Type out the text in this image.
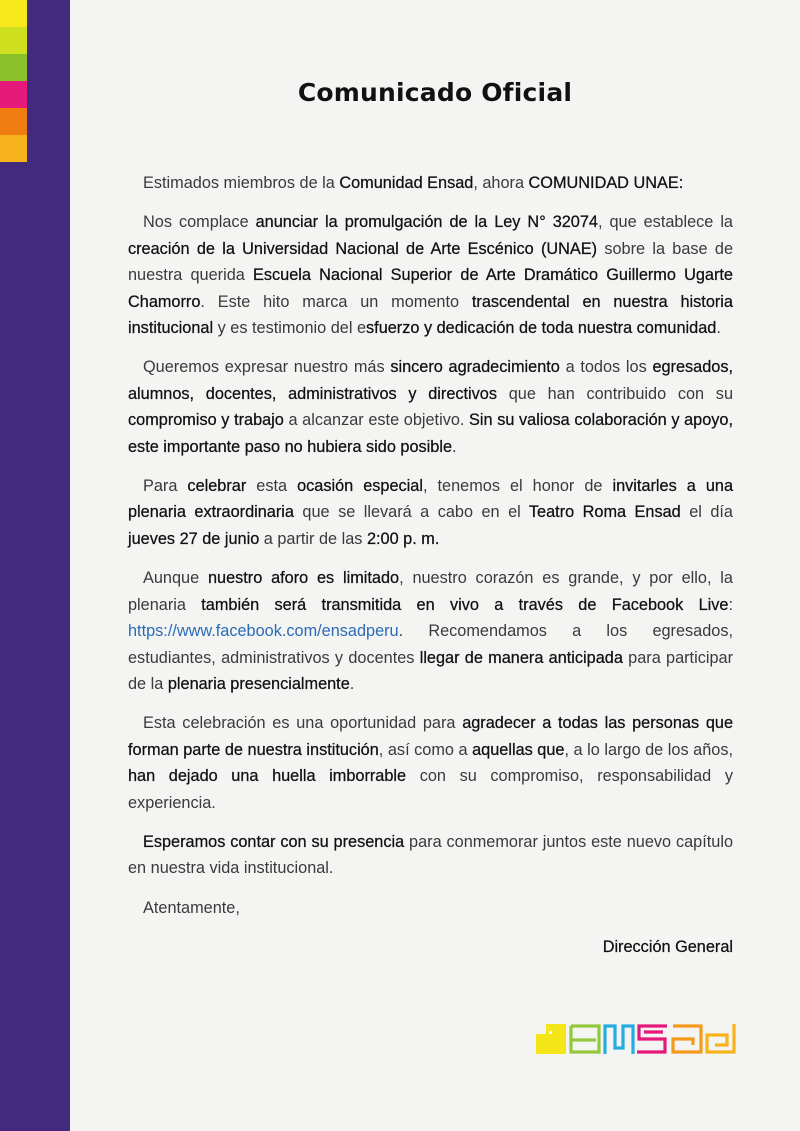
Comunicado Oficial

Estimados miembros de la Comunidad Ensad, ahora COMUNIDAD UNAE:

Nos complace anunciar la promulgación de la Ley N° 32074, que establece la creación de la Universidad Nacional de Arte Escénico (UNAE) sobre la base de nuestra querida Escuela Nacional Superior de Arte Dramático Guillermo Ugarte Chamorro. Este hito marca un momento trascendental en nuestra historia institucional y es testimonio del esfuerzo y dedicación de toda nuestra comunidad.

Queremos expresar nuestro más sincero agradecimiento a todos los egresados, alumnos, docentes, administrativos y directivos que han contribuido con su compromiso y trabajo a alcanzar este objetivo. Sin su valiosa colaboración y apoyo, este importante paso no hubiera sido posible.

Para celebrar esta ocasión especial, tenemos el honor de invitarles a una plenaria extraordinaria que se llevará a cabo en el Teatro Roma Ensad el día jueves 27 de junio a partir de las 2:00 p. m.

Aunque nuestro aforo es limitado, nuestro corazón es grande, y por ello, la plenaria también será transmitida en vivo a través de Facebook Live: https://www.facebook.com/ensadperu. Recomendamos a los egresados, estudiantes, administrativos y docentes llegar de manera anticipada para participar de la plenaria presencialmente.

Esta celebración es una oportunidad para agradecer a todas las personas que forman parte de nuestra institución, así como a aquellas que, a lo largo de los años, han dejado una huella imborrable con su compromiso, responsabilidad y experiencia.

Esperamos contar con su presencia para conmemorar juntos este nuevo capítulo en nuestra vida institucional.

Atentamente,

Dirección General
